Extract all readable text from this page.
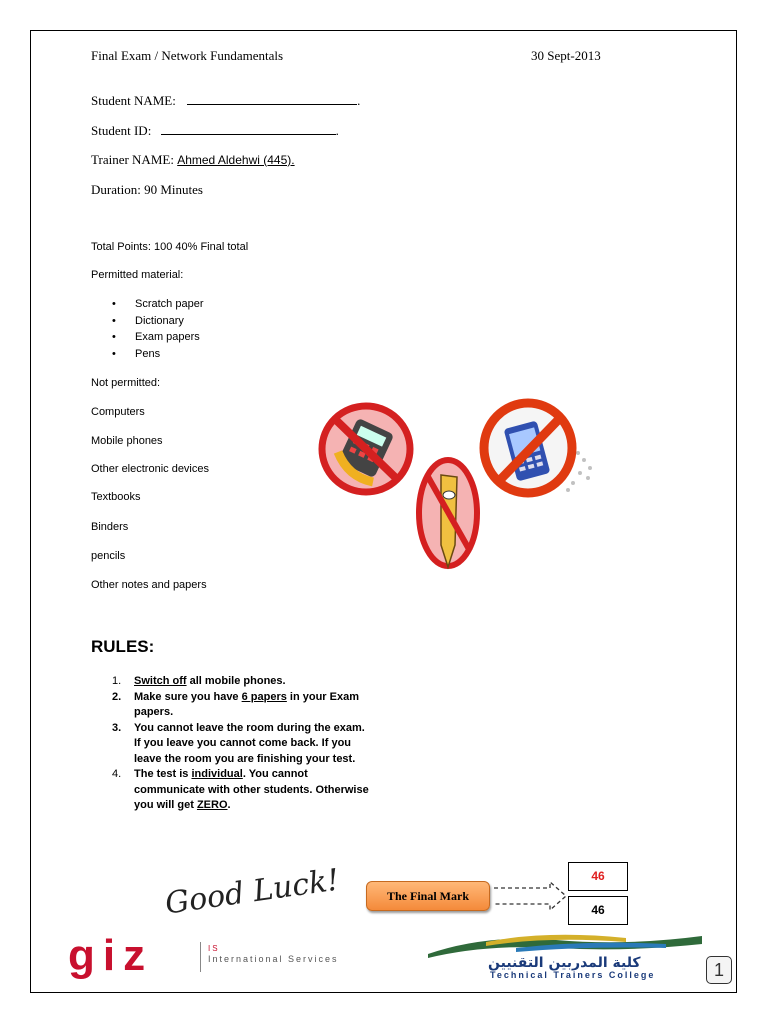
Final Exam / Network Fundamentals	30 Sept-2013
Student NAME:	.
Student ID:	.
Trainer NAME: Ahmed Aldehwi (445).
Duration: 90 Minutes
Total Points: 100 40% Final total
Permitted material:
• Scratch paper
• Dictionary
• Exam papers
• Pens
Not permitted:
Computers
Mobile phones
Other electronic devices
Textbooks
Binders
pencils
Other notes and papers
RULES:
1. Switch off all mobile phones.
2. Make sure you have 6 papers in your Exam papers.
3. You cannot leave the room during the exam. If you leave you cannot come back. If you leave the room you are finishing your test.
4. The test is individual. You cannot communicate with other students. Otherwise you will get ZERO.
Good Luck!	The Final Mark
46
46
giz	IS
International Services	كلية المدربين التقنيين
Technical Trainers College	1
